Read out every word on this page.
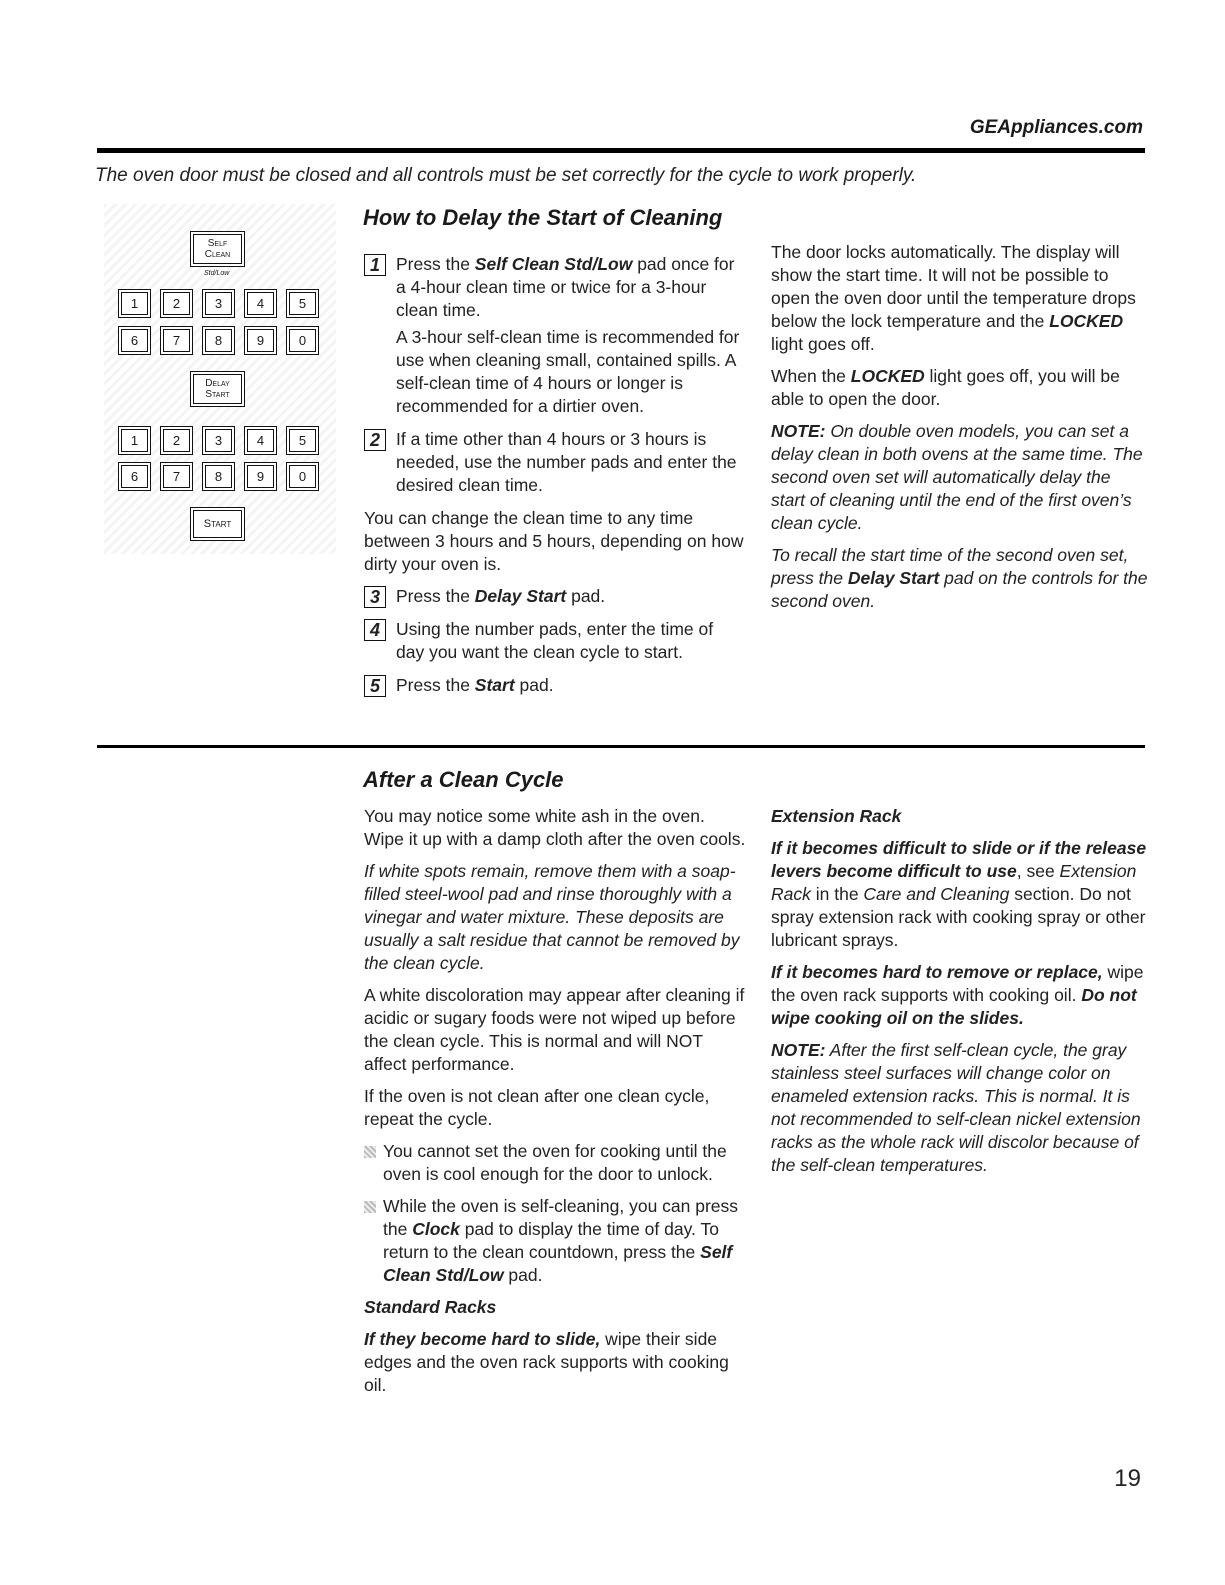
GEAppliances.com
The oven door must be closed and all controls must be set correctly for the cycle to work properly.
Self
Clean
Std/Low
1	2	3	4	5
6	7	8	9	0
Delay
Start
1	2	3	4	5
6	7	8	9	0
Start
How to Delay the Start of Cleaning
1 Press the Self Clean Std/Low pad once for a 4-hour clean time or twice for a 3-hour clean time.

A 3-hour self-clean time is recommended for use when cleaning small, contained spills. A self-clean time of 4 hours or longer is recommended for a dirtier oven.

2 If a time other than 4 hours or 3 hours is needed, use the number pads and enter the desired clean time.

You can change the clean time to any time between 3 hours and 5 hours, depending on how dirty your oven is.

3 Press the Delay Start pad.

4 Using the number pads, enter the time of day you want the clean cycle to start.

5 Press the Start pad.

The door locks automatically. The display will show the start time. It will not be possible to open the oven door until the temperature drops below the lock temperature and the LOCKED light goes off.

When the LOCKED light goes off, you will be able to open the door.

NOTE: On double oven models, you can set a delay clean in both ovens at the same time. The second oven set will automatically delay the start of cleaning until the end of the first oven’s clean cycle.

To recall the start time of the second oven set, press the Delay Start pad on the controls for the second oven.

After a Clean Cycle

You may notice some white ash in the oven. Wipe it up with a damp cloth after the oven cools.

If white spots remain, remove them with a soap-filled steel-wool pad and rinse thoroughly with a vinegar and water mixture. These deposits are usually a salt residue that cannot be removed by the clean cycle.

A white discoloration may appear after cleaning if acidic or sugary foods were not wiped up before the clean cycle. This is normal and will NOT affect performance.

If the oven is not clean after one clean cycle, repeat the cycle.

You cannot set the oven for cooking until the oven is cool enough for the door to unlock.
While the oven is self-cleaning, you can press the Clock pad to display the time of day. To return to the clean countdown, press the Self Clean Std/Low pad.

Standard Racks

If they become hard to slide, wipe their side edges and the oven rack supports with cooking oil.

Extension Rack

If it becomes difficult to slide or if the release levers become difficult to use, see Extension Rack in the Care and Cleaning section. Do not spray extension rack with cooking spray or other lubricant sprays.

If it becomes hard to remove or replace, wipe the oven rack supports with cooking oil. Do not wipe cooking oil on the slides.

NOTE: After the first self-clean cycle, the gray stainless steel surfaces will change color on enameled extension racks. This is normal. It is not recommended to self-clean nickel extension racks as the whole rack will discolor because of the self-clean temperatures.

19
